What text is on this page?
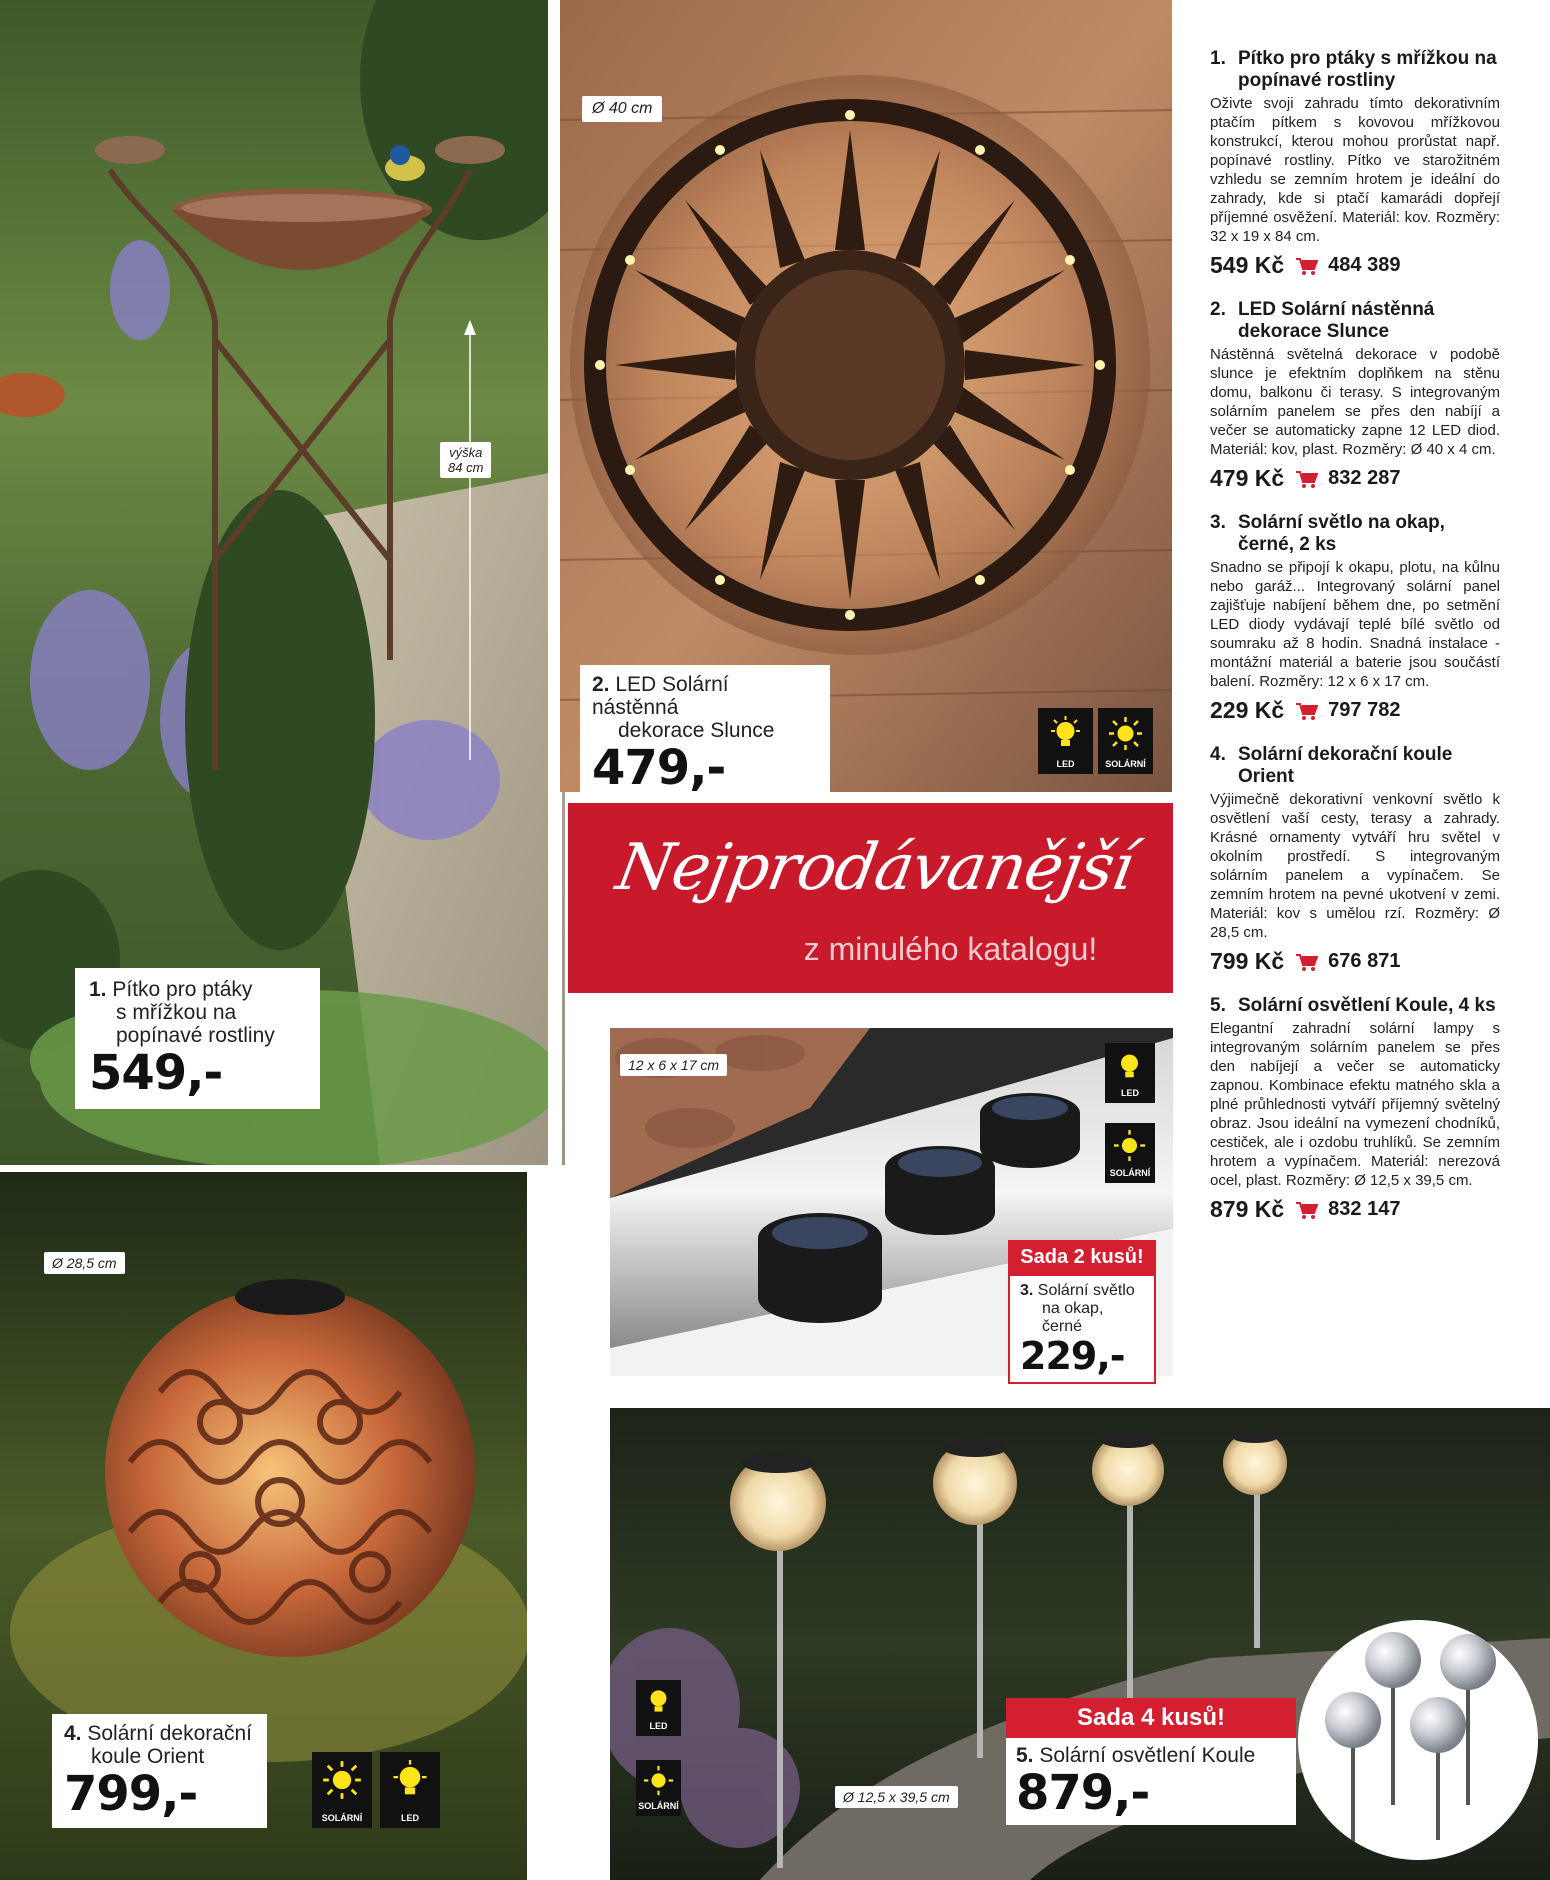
výška
84 cm
1. Pítko pro ptáky
s mřížkou na
popínavé rostliny
549,-
Ø 40 cm
2. LED Solární nástěnná
dekorace Slunce
479,-	LED	SOLÁRNÍ
Nejprodávanější
z minulého katalogu!
12 x 6 x 17 cm
LED
SOLÁRNÍ
Sada 2 kusů!
3. Solární světlo
na okap, černé
229,-
Ø 28,5 cm
4. Solární dekorační
koule Orient
799,-	SOLÁRNÍ	LED
LED
SOLÁRNÍ
Ø 12,5 x 39,5 cm
Sada 4 kusů!
5. Solární osvětlení Koule
879,-
1. Pítko pro ptáky s mřížkou na popínavé rostliny
Oživte svoji zahradu tímto dekorativním ptačím pítkem s kovovou mřížkovou konstrukcí, kterou mohou prorůstat např. popínavé rostliny. Pítko ve starožitném vzhledu se zemním hrotem je ideální do zahrady, kde si ptačí kamarádi dopřejí příjemné osvěžení. Materiál: kov. Rozměry: 32 x 19 x 84 cm.
549 Kč 484 389
2. LED Solární nástěnná dekorace Slunce
Nástěnná světelná dekorace v podobě slunce je efektním doplňkem na stěnu domu, balkonu či terasy. S integrovaným solárním panelem se přes den nabíjí a večer se automaticky zapne 12 LED diod. Materiál: kov, plast. Rozměry: Ø 40 x 4 cm.
479 Kč 832 287
3. Solární světlo na okap, černé, 2 ks
Snadno se připojí k okapu, plotu, na kůlnu nebo garáž... Integrovaný solární panel zajišťuje nabíjení během dne, po setmění LED diody vydávají teplé bílé světlo od soumraku až 8 hodin. Snadná instalace - montážní materiál a baterie jsou součástí balení. Rozměry: 12 x 6 x 17 cm.
229 Kč 797 782
4. Solární dekorační koule Orient
Výjimečně dekorativní venkovní světlo k osvětlení vaší cesty, terasy a zahrady. Krásné ornamenty vytváří hru světel v okolním prostředí. S integrovaným solárním panelem a vypínačem. Se zemním hrotem na pevné ukotvení v zemi. Materiál: kov s umělou rzí. Rozměry: Ø 28,5 cm.
799 Kč 676 871
5. Solární osvětlení Koule, 4 ks
Elegantní zahradní solární lampy s integrovaným solárním panelem se přes den nabíjejí a večer se automaticky zapnou. Kombinace efektu matného skla a plné průhlednosti vytváří příjemný světelný obraz. Jsou ideální na vymezení chodníků, cestiček, ale i ozdobu truhlíků. Se zemním hrotem a vypínačem. Materiál: nerezová ocel, plast. Rozměry: Ø 12,5 x 39,5 cm.
879 Kč 832 147
